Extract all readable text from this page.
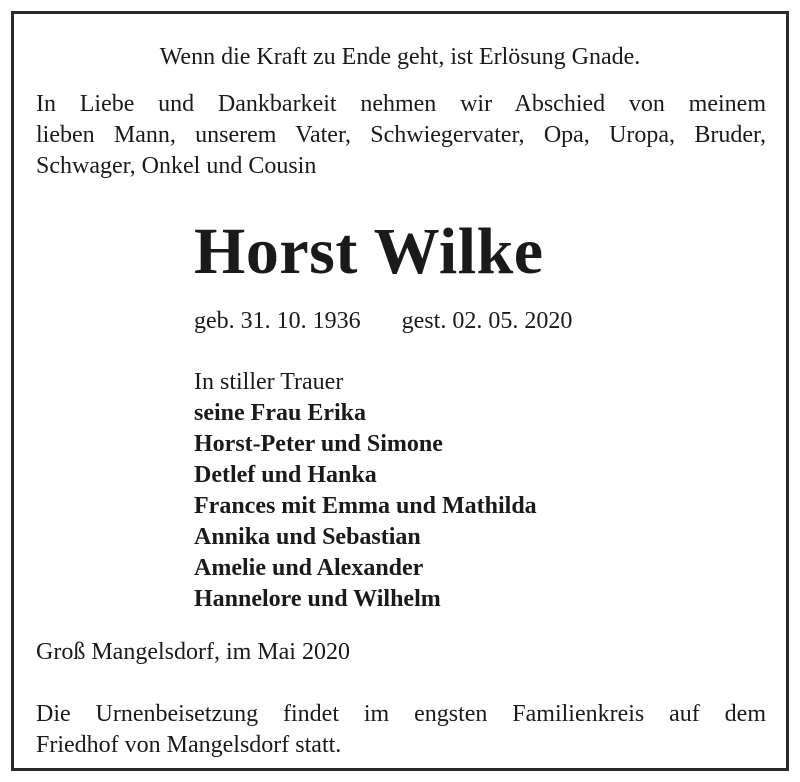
Wenn die Kraft zu Ende geht, ist Erlösung Gnade.
In Liebe und Dankbarkeit nehmen wir Abschied von meinem
lieben Mann, unserem Vater, Schwiegervater, Opa, Uropa, Bruder,
Schwager, Onkel und Cousin
Horst Wilke
geb. 31. 10. 1936 gest. 02. 05. 2020
In stiller Trauer
seine Frau Erika
Horst-Peter und Simone
Detlef und Hanka
Frances mit Emma und Mathilda
Annika und Sebastian
Amelie und Alexander
Hannelore und Wilhelm
Groß Mangelsdorf, im Mai 2020
Die Urnenbeisetzung findet im engsten Familienkreis auf dem
Friedhof von Mangelsdorf statt.
